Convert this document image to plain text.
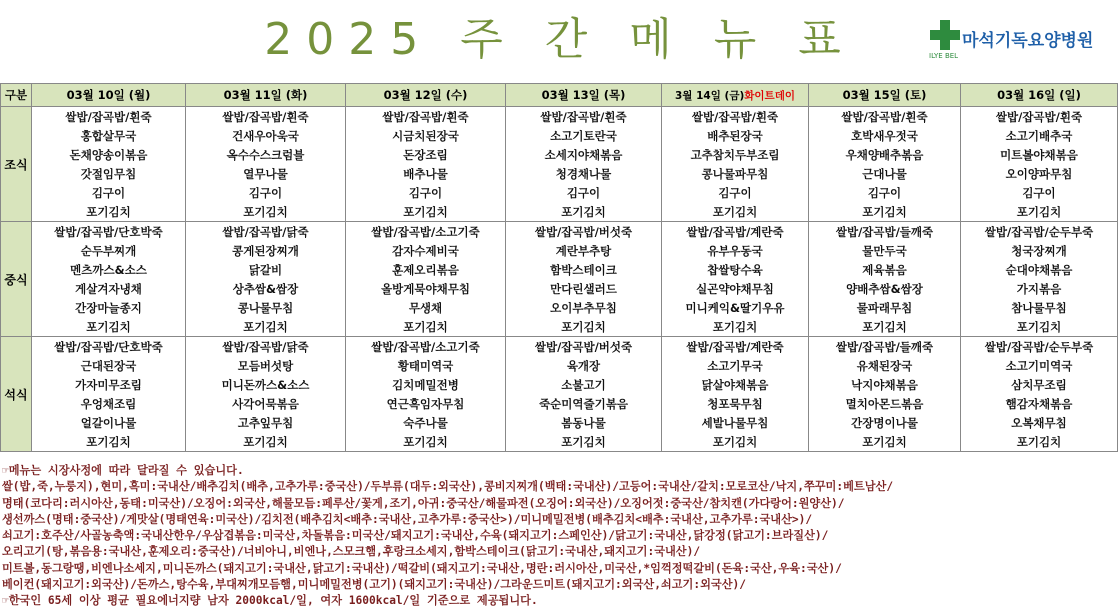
2025 주 간 메 뉴 표	마석기독요양병원
ILYE BEL
구분	03월 10일 (월)	03월 11일 (화)	03월 12일 (수)	03월 13일 (목)	3월 14일 (금)화이트데이	03월 15일 (토)	03월 16일 (일)
조식	쌀밥/잡곡밥/흰죽	쌀밥/잡곡밥/흰죽	쌀밥/잡곡밥/흰죽	쌀밥/잡곡밥/흰죽	쌀밥/잡곡밥/흰죽	쌀밥/잡곡밥/흰죽	쌀밥/잡곡밥/흰죽
	홍합살무국	건새우아욱국	시금치된장국	소고기토란국	배추된장국	호박새우젓국	소고기배추국
	돈채양송이볶음	옥수수스크럼블	돈장조림	소세지야채볶음	고추참치두부조림	우채양배추볶음	미트볼야채볶음
	갓절임무침	열무나물	배추나물	청경채나물	콩나물파무침	근대나물	오이양파무침
	김구이	김구이	김구이	김구이	김구이	김구이	김구이
	포기김치	포기김치	포기김치	포기김치	포기김치	포기김치	포기김치
중식	쌀밥/잡곡밥/단호박죽	쌀밥/잡곡밥/닭죽	쌀밥/잡곡밥/소고기죽	쌀밥/잡곡밥/버섯죽	쌀밥/잡곡밥/계란죽	쌀밥/잡곡밥/들깨죽	쌀밥/잡곡밥/순두부죽
	순두부찌개	콩게된장찌개	감자수제비국	계란부추탕	유부우동국	물만두국	청국장찌개
	멘츠까스&소스	닭갈비	훈제오리볶음	함박스테이크	찹쌀탕수육	제육볶음	순대야채볶음
	게살겨자냉채	상추쌈&쌈장	올방게묵야채무침	만다린샐러드	실곤약야채무침	양배추쌈&쌈장	가지볶음
	간장마늘종지	콩나물무침	무생채	오이부추무침	미니케익&딸기우유	물파래무침	참나물무침
	포기김치	포기김치	포기김치	포기김치	포기김치	포기김치	포기김치
석식	쌀밥/잡곡밥/단호박죽	쌀밥/잡곡밥/닭죽	쌀밥/잡곡밥/소고기죽	쌀밥/잡곡밥/버섯죽	쌀밥/잡곡밥/계란죽	쌀밥/잡곡밥/들깨죽	쌀밥/잡곡밥/순두부죽
	근대된장국	모듬버섯탕	황태미역국	육개장	소고기무국	유채된장국	소고기미역국
	가자미무조림	미니돈까스&소스	김치메밀전병	소불고기	닭살야채볶음	낙지야채볶음	삼치무조림
	우엉채조림	사각어묵볶음	연근흑임자무침	죽순미역줄기볶음	청포묵무침	멸치아몬드볶음	햄감자채볶음
	얼갈이나물	고추잎무침	숙주나물	봄동나물	세발나물무침	간장명이나물	오복채무침
	포기김치	포기김치	포기김치	포기김치	포기김치	포기김치	포기김치
☞메뉴는 시장사정에 따라 달라질 수 있습니다.
쌀(밥,죽,누룽지),현미,흑미:국내산/배추김치(배추,고추가루:중국산)/두부류(대두:외국산),콩비지찌개(백태:국내산)/고등어:국내산/갈치:모로코산/낙지,쭈꾸미:베트남산/
명태(코다리:러시아산,동태:미국산)/오징어:외국산,해물모듬:페루산/꽃게,조기,아귀:중국산/해물파전(오징어:외국산)/오징어젓:중국산/참치캔(가다랑어:원양산)/
생선까스(명태:중국산)/게맛살(명태연육:미국산)/김치전(배추김치<배추:국내산,고추가루:중국산>)/미니메밀전병(배추김치<배추:국내산,고추가루:국내산>)/
쇠고기:호주산/사골농축액:국내산한우/우삼겹볶음:미국산,차돌볶음:미국산/돼지고기:국내산,수육(돼지고기:스페인산)/닭고기:국내산,닭강정(닭고기:브라질산)/
오리고기(탕,볶음용:국내산,훈제오리:중국산)/너비아니,비엔나,스모크햄,후랑크소세지,함박스테이크(닭고기:국내산,돼지고기:국내산)/
미트볼,동그랑땡,비엔나소세지,미니돈까스(돼지고기:국내산,닭고기:국내산)/떡갈비(돼지고기:국내산,명란:러시아산,미국산,*임꺽정떡갈비(돈육:국산,우육:국산)/
베이컨(돼지고기:외국산)/돈까스,탕수육,부대찌개모듬햄,미니메밀전병(고기)(돼지고기:국내산)/그라운드미트(돼지고기:외국산,쇠고기:외국산)/
☞한국인 65세 이상 평균 필요에너지량 남자 2000kcal/일, 여자 1600kcal/일 기준으로 제공됩니다.
